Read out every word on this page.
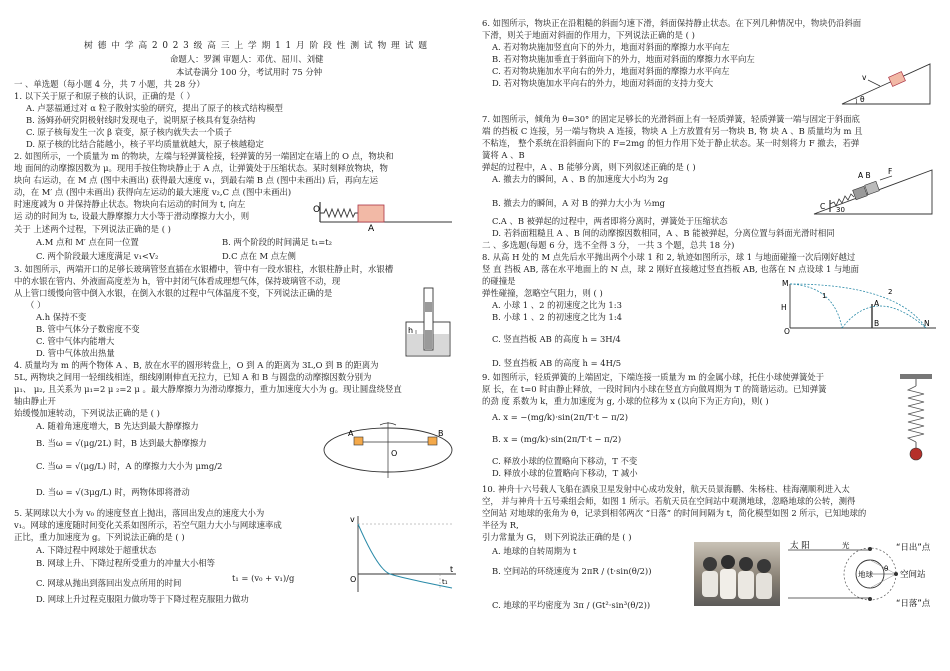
树 德 中 学 高 2 0 2 3 级 高 三 上 学 期 1 1 月 阶 段 性 测 试 物 理 试 题
命题人：罗渊 审题人：邓优、屈川、刘健
本试卷满分 100 分，考试用时 75 分钟
一 、单选题（每小题 4 分，共 7 小题，共 28 分）
1. 以下关于原子和原子核的认识，正确的是（ ）
A. 卢瑟福通过对 α 粒子散射实验的研究，提出了原子的核式结构模型
B. 汤姆孙研究阴极射线时发现电子，说明原子核具有复杂结构
C. 原子核每发生一次 β 衰变，原子核内就失去一个质子
D. 原子核的比结合能越小，核子平均质量就越大，原子核越稳定
2. 如图所示，一个质量为 m 的物块，左端与轻弹簧栓接，轻弹簧的另一端固定在墙上的 O 点，物块和
地 面间的动摩擦因数为 μ。现用手按住物块静止于 A 点，让弹簧处于压缩状态。某时刻释放物块，物
块向 右运动，在 M 点 (图中未画出) 获得最大速度 v₁，到最右端 B 点 (图中未画出) 后，再向左运
动，在 M′ 点 (图中未画出) 获得向左运动的最大速度 v₂,C 点 (图中未画出)
时速度减为 0 并保持静止状态。物块向右运动的时间为 t, 向左
运 动的时间为 t₂, 设最大静摩擦力大小等于滑动摩擦力大小，则
关于 上述两个过程，下列说法正确的是 ( )
A.M 点和 M′ 点在同一位置	B. 两个阶段的时间满足 t₁=t₂
C. 两个阶段最大速度满足 v₁<V₂	D.C 点在 M 点左侧
O
A
3. 如图所示，两端开口的足够长玻璃管竖直插在水银槽中，管中有一段水银柱，水银柱静止时，水银槽
中的水银在管内、外液面高度差为 h，管中封闭气体看成理想气体，保持玻璃管不动，现
从上管口缓慢向管中倒入水银，在倒入水银的过程中气体温度不变，下列说法正确的是
（ ）
A.h 保持不变
B. 管中气体分子数密度不变
C. 管中气体内能增大
D. 管中气体放出热量
h
4. 质量均为 m 的两个物体 A 、B, 放在水平的圆形转盘上，O 到 A 的距离为 3L,O 到 B 的距离为
5L, 两物块之间用一轻细线相连，细线刚刚伸直无拉力，已知 A 和 B 与圆盘的动摩擦因数分别为
μ₁、 μ₂, 且关系为 μ₁=2 μ ₂=2 μ 。最大静摩擦力为滑动摩擦力，重力加速度大小为 g。现让圆盘绕竖直
轴由静止开
始缓慢加速转动，下列说法正确的是 ( )
A. 随着角速度增大，B 先达到最大静摩擦力
B. 当ω = √(μg/2L) 时，B 达到最大静摩擦力
C. 当ω = √(μg/L) 时，A 的摩擦力大小为 μmg/2
D. 当ω = √(3μg/L) 时，两物体即将滑动
A
O
B
5. 某网球以大小为 v₀ 的速度竖直上抛出，落回出发点的速度大小为
v₁。网球的速度随时间变化关系如图所示，若空气阻力大小与网球速率成
正比，重力加速度为 g。下列说法正确的是 ( )
A. 下降过程中网球处于超重状态
B. 网球上升、下降过程所受重力的冲量大小相等
C. 网球从抛出到落回出发点所用的时间	t₁ = (v₀ + v₁)/g
D. 网球上升过程克服阻力做功等于下降过程克服阻力做功
v
t
O	t₁
6. 如图所示，物块正在沿粗糙的斜面匀速下滑，斜面保持静止状态。在下列几种情况中，物块仍沿斜面
下滑，则关于地面对斜面的作用力，下列说法正确的是 ( )
A. 若对物块施加竖直向下的外力，地面对斜面的摩擦力水平向左
B. 若对物块施加垂直于斜面向下的外力，地面对斜面的摩擦力水平向左
C. 若对物块施加水平向右的外力，地面对斜面的摩擦力水平向左
D. 若对物块施加水平向右的外力，地面对斜面的支持力变大
v
θ
7. 如图所示，倾角为 θ=30° 的固定足够长的光滑斜面上有一轻质弹簧，轻质弹簧一端与固定于斜面底
端 的挡板 C 连接，另一端与物块 A 连接，物块 A 上方放置有另一物块 B, 物 块 A 、B 质量均为 m 且
不粘连， 整个系统在沿斜面向下的 F=2mg 的恒力作用下处于静止状态。某一时刻将力 F 撤去，若弹
簧将 A 、B
弹起的过程中，A 、B 能够分离，则下列叙述正确的是 ( )
A. 撤去力的瞬间，A 、B 的加速度大小均为 2g
B. 撤去力的瞬间，A 对 B 的弹力大小为 ½mg
C.A 、B 被弹起的过程中，两者即将分离时，弹簧处于压缩状态
D. 若斜面粗糙且 A 、B 间的动摩擦因数相同，A 、B 能被弹起，分离位置与斜面光滑时相同
C
A B F
30
二 、多选题(每题 6 分，选不全得 3 分， 一共 3 个题，总共 18 分)
8. 从高 H 处的 M 点先后水平抛出两个小球 1 和 2, 轨迹如图所示，球 1 与地面碰撞一次后刚好越过
竖 直 挡板 AB, 落在水平地面上的 N 点，球 2 刚好直接越过竖直挡板 AB, 也落在 N 点设球 1 与地面
的碰撞是
弹性碰撞，忽略空气阻力，则 ( )
A. 小球 1 、2 的初速度之比为 1:3
B. 小球 1 、2 的初速度之比为 1:4
C. 竖直挡板 AB 的高度 h = 3H/4
D. 竖直挡板 AB 的高度 h = 4H/5
M
H	A
B	N
O
1	2
9. 如图所示，轻质弹簧的上端固定，下端连接一质量为 m 的金属小球，托住小球使弹簧处于
原 长，在 t=0 时由静止释放，一段时间内小球在竖直方向做周期为 T 的简谐运动。已知弹簧
的劲 度 系数为 k，重力加速度为 g, 小球的位移为 x (以向下为正方向)，则( )
A. x = −(mg/k)·sin(2π/T·t − π/2)
B. x = (mg/k)·sin(2π/T·t − π/2)
C. 释放小球的位置略向下移动，T 不变
D. 释放小球的位置略向下移动，T 减小
10. 神舟十六号载人飞船在酒泉卫星发射中心成功发射，航天员景海鹏、朱杨柱、桂海潮顺利进入太
空， 并与神舟十五号乘组会师，如图 1 所示。若航天员在空间站中观测地球，忽略地球的公转，测得
空间站 对地球的张角为 θ，记录到相邻两次 “日落” 的时间间隔为 t，简化模型如图 2 所示，已知地球的
半径为 R,
引力常量为 G， 则下列说法正确的是 ( )
A. 地球的自转周期为 t
B. 空间站的环绕速度为 2πR / (t·sin(θ/2))
C. 地球的平均密度为 3π / (Gt²·sin³(θ/2))
太 阳	光	“日出”点
地球	空间站
“日落”点
θ
